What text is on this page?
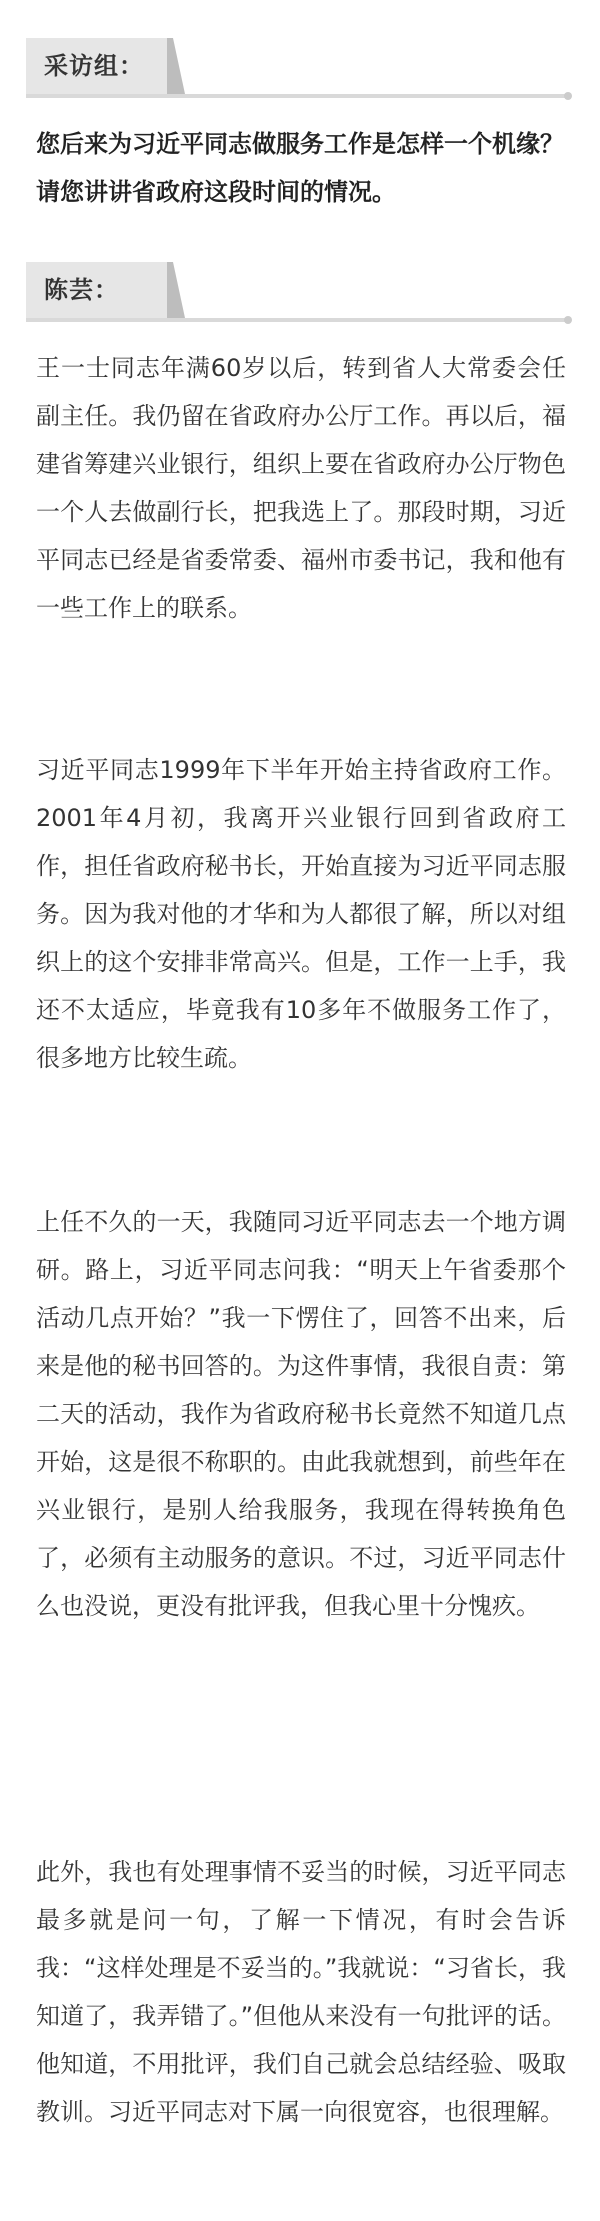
采访组：

您后来为习近平同志做服务工作是怎样一个机缘？请您讲讲省政府这段时间的情况。

陈芸：

王一士同志年满60岁以后，转到省人大常委会任副主任。我仍留在省政府办公厅工作。再以后，福建省筹建兴业银行，组织上要在省政府办公厅物色一个人去做副行长，把我选上了。那段时期，习近平同志已经是省委常委、福州市委书记，我和他有一些工作上的联系。

习近平同志1999年下半年开始主持省政府工作。2001年4月初，我离开兴业银行回到省政府工作，担任省政府秘书长，开始直接为习近平同志服务。因为我对他的才华和为人都很了解，所以对组织上的这个安排非常高兴。但是，工作一上手，我还不太适应，毕竟我有10多年不做服务工作了，很多地方比较生疏。

上任不久的一天，我随同习近平同志去一个地方调研。路上，习近平同志问我：“明天上午省委那个活动几点开始？”我一下愣住了，回答不出来，后来是他的秘书回答的。为这件事情，我很自责：第二天的活动，我作为省政府秘书长竟然不知道几点开始，这是很不称职的。由此我就想到，前些年在兴业银行，是别人给我服务，我现在得转换角色了，必须有主动服务的意识。不过，习近平同志什么也没说，更没有批评我，但我心里十分愧疚。

此外，我也有处理事情不妥当的时候，习近平同志最多就是问一句，了解一下情况，有时会告诉我：“这样处理是不妥当的。”我就说：“习省长，我知道了，我弄错了。”但他从来没有一句批评的话。他知道，不用批评，我们自己就会总结经验、吸取教训。习近平同志对下属一向很宽容，也很理解。
